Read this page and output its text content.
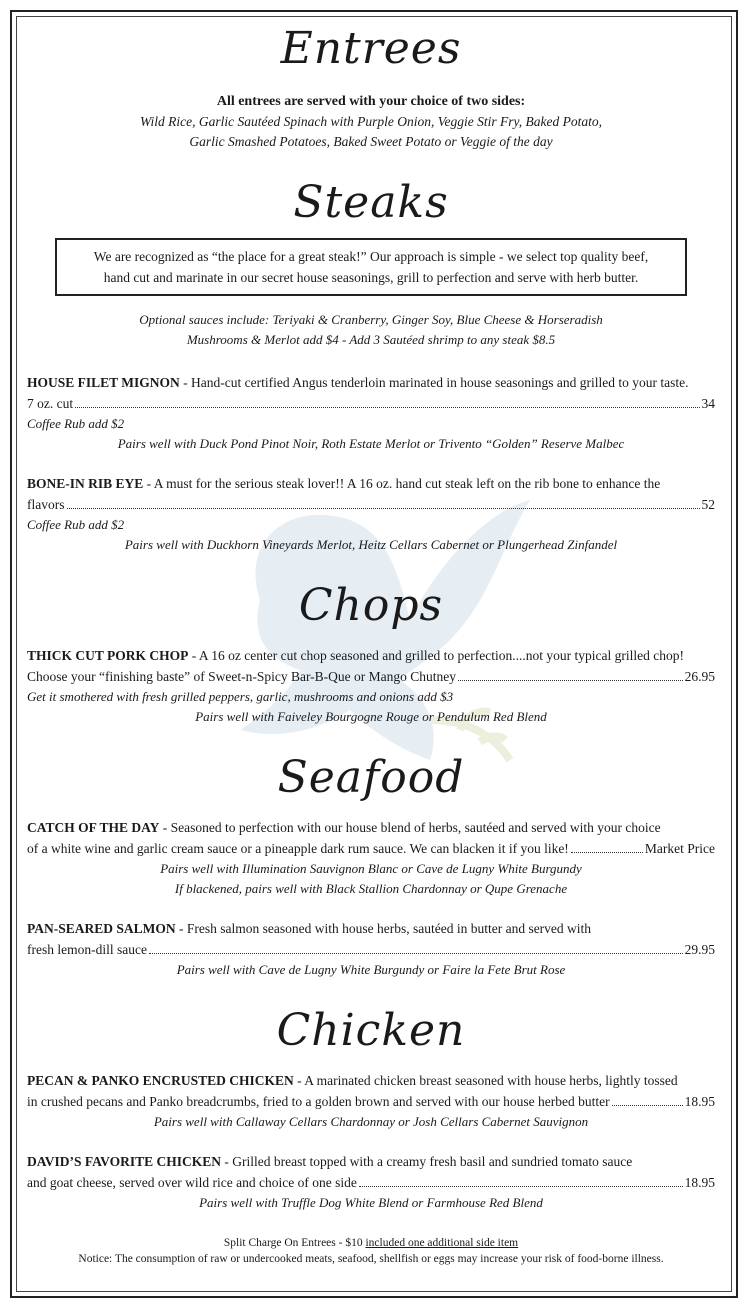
Entrees
All entrees are served with your choice of two sides:
Wild Rice, Garlic Sautéed Spinach with Purple Onion, Veggie Stir Fry, Baked Potato,
Garlic Smashed Potatoes, Baked Sweet Potato or Veggie of the day
Steaks
We are recognized as “the place for a great steak!” Our approach is simple - we select top quality beef,
hand cut and marinate in our secret house seasonings, grill to perfection and serve with herb butter.
Optional sauces include: Teriyaki & Cranberry, Ginger Soy, Blue Cheese & Horseradish
Mushrooms & Merlot add $4 - Add 3 Sautéed shrimp to any steak $8.5
HOUSE FILET MIGNON - Hand-cut certified Angus tenderloin marinated in house seasonings and grilled to your taste.
7 oz. cut	34
Coffee Rub add $2
Pairs well with Duck Pond Pinot Noir, Roth Estate Merlot or Trivento “Golden” Reserve Malbec
BONE-IN RIB EYE - A must for the serious steak lover!! A 16 oz. hand cut steak left on the rib bone to enhance the
flavors	52
Coffee Rub add $2
Pairs well with Duckhorn Vineyards Merlot, Heitz Cellars Cabernet or Plungerhead Zinfandel
Chops
THICK CUT PORK CHOP - A 16 oz center cut chop seasoned and grilled to perfection....not your typical grilled chop!
Choose your “finishing baste” of Sweet-n-Spicy Bar-B-Que or Mango Chutney	26.95
Get it smothered with fresh grilled peppers, garlic, mushrooms and onions add $3
Pairs well with Faiveley Bourgogne Rouge or Pendulum Red Blend
Seafood
CATCH OF THE DAY - Seasoned to perfection with our house blend of herbs, sautéed and served with your choice
of a white wine and garlic cream sauce or a pineapple dark rum sauce. We can blacken it if you like!	Market Price
Pairs well with Illumination Sauvignon Blanc or Cave de Lugny White Burgundy
If blackened, pairs well with Black Stallion Chardonnay or Qupe Grenache
PAN-SEARED SALMON - Fresh salmon seasoned with house herbs, sautéed in butter and served with
fresh lemon-dill sauce	29.95
Pairs well with Cave de Lugny White Burgundy or Faire la Fete Brut Rose
Chicken
PECAN & PANKO ENCRUSTED CHICKEN - A marinated chicken breast seasoned with house herbs, lightly tossed
in crushed pecans and Panko breadcrumbs, fried to a golden brown and served with our house herbed butter	18.95
Pairs well with Callaway Cellars Chardonnay or Josh Cellars Cabernet Sauvignon
DAVID’S FAVORITE CHICKEN - Grilled breast topped with a creamy fresh basil and sundried tomato sauce
and goat cheese, served over wild rice and choice of one side	18.95
Pairs well with Truffle Dog White Blend or Farmhouse Red Blend
Split Charge On Entrees - $10 included one additional side item
Notice: The consumption of raw or undercooked meats, seafood, shellfish or eggs may increase your risk of food-borne illness.
